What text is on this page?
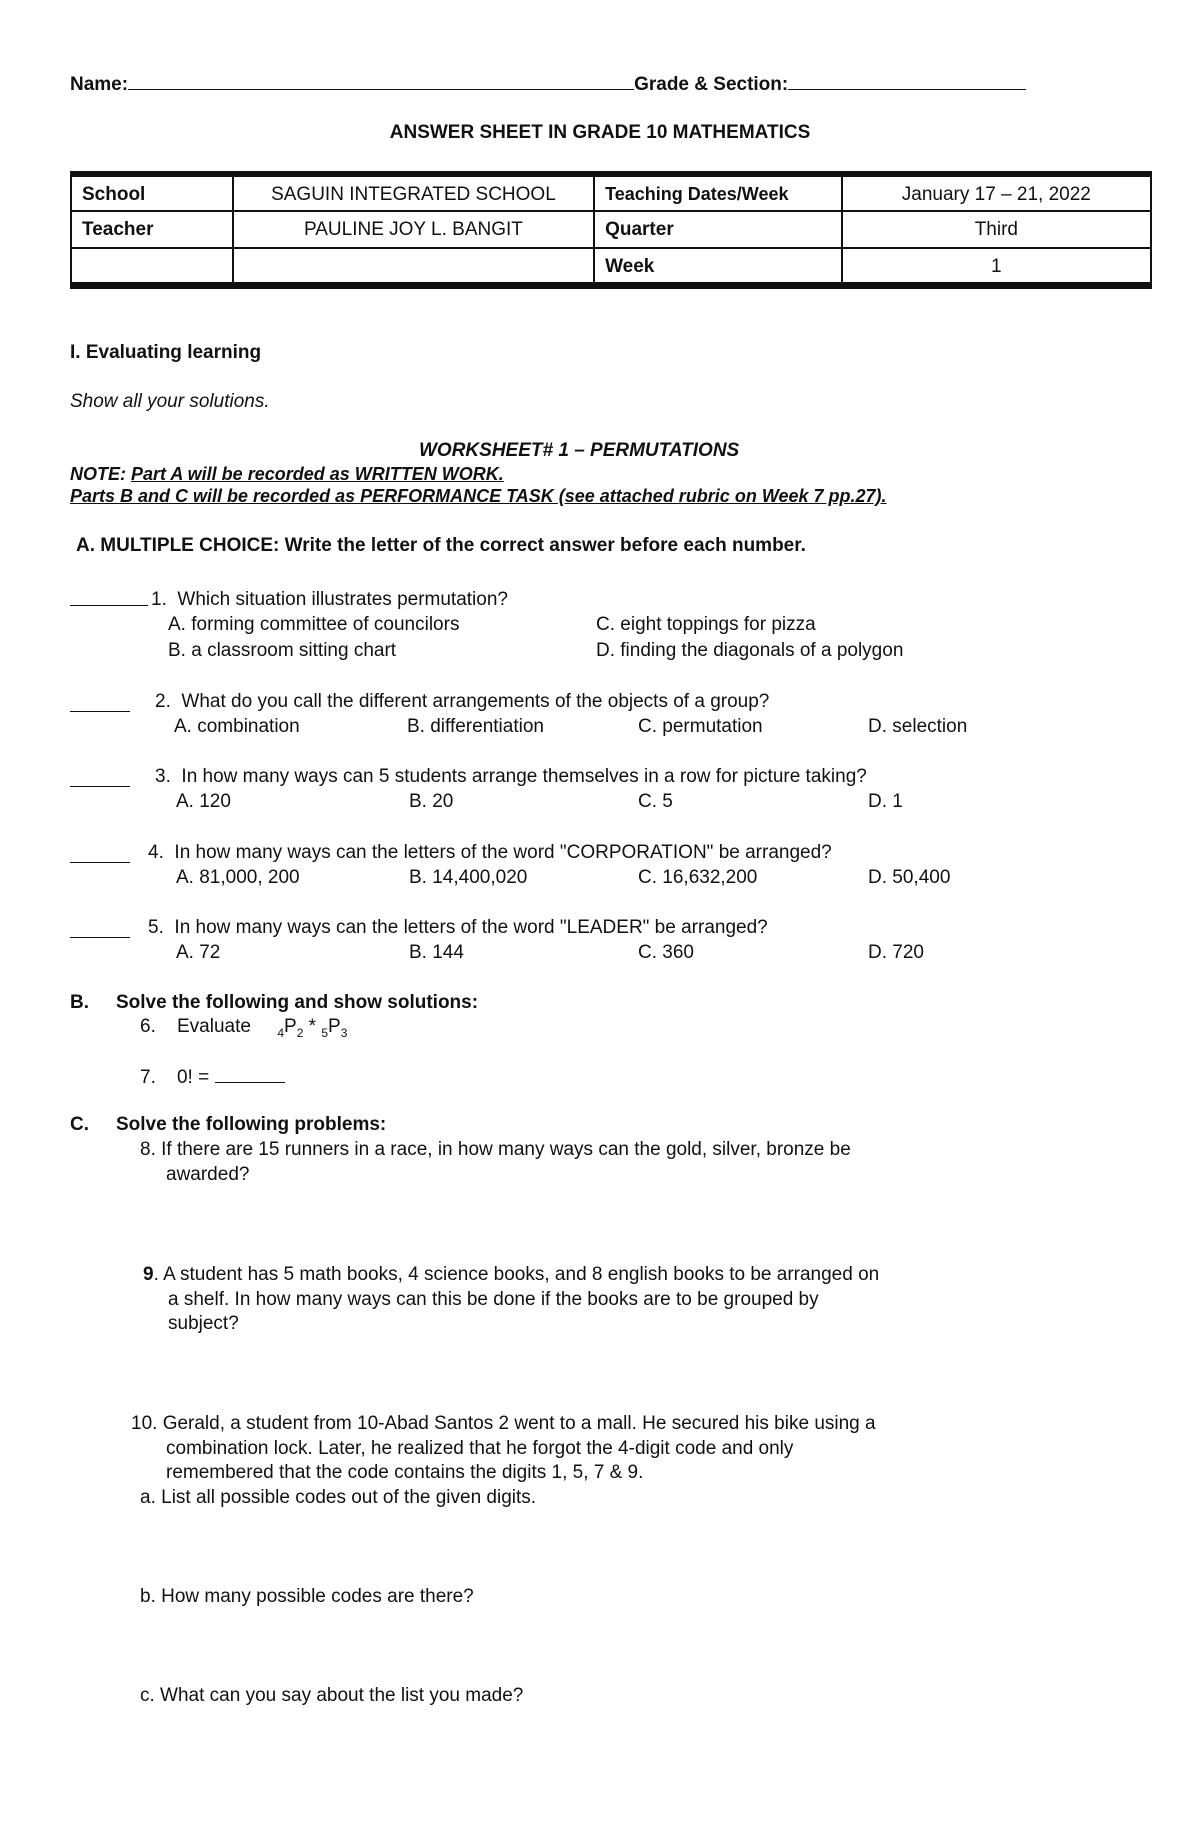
Name:	Grade & Section:
ANSWER SHEET IN GRADE 10 MATHEMATICS
School	SAGUIN INTEGRATED SCHOOL	Teaching Dates/Week	January 17 – 21, 2022
Teacher	PAULINE JOY L. BANGIT	Quarter	Third
		Week	1
I. Evaluating learning
Show all your solutions.
WORKSHEET# 1 – PERMUTATIONS
NOTE: Part A will be recorded as WRITTEN WORK.
Parts B and C will be recorded as PERFORMANCE TASK (see attached rubric on Week 7 pp.27).
A. MULTIPLE CHOICE: Write the letter of the correct answer before each number.
1. Which situation illustrates permutation?
A. forming committee of councilors	C. eight toppings for pizza
B. a classroom sitting chart	D. finding the diagonals of a polygon
2. What do you call the different arrangements of the objects of a group?
A. combination	B. differentiation	C. permutation	D. selection
3. In how many ways can 5 students arrange themselves in a row for picture taking?
A. 120	B. 20	C. 5	D. 1
4. In how many ways can the letters of the word "CORPORATION" be arranged?
A. 81,000, 200	B. 14,400,020	C. 16,632,200	D. 50,400
5. In how many ways can the letters of the word "LEADER" be arranged?
A. 72	B. 144	C. 360	D. 720
B. Solve the following and show solutions:
6. Evaluate $_4P_2 * _5P_3$
7. 0! =
C. Solve the following problems:
8. If there are 15 runners in a race, in how many ways can the gold, silver, bronze be
awarded?
9. A student has 5 math books, 4 science books, and 8 english books to be arranged on
a shelf. In how many ways can this be done if the books are to be grouped by
subject?
10. Gerald, a student from 10-Abad Santos 2 went to a mall. He secured his bike using a
combination lock. Later, he realized that he forgot the 4-digit code and only
remembered that the code contains the digits 1, 5, 7 & 9.
a. List all possible codes out of the given digits.
b. How many possible codes are there?
c. What can you say about the list you made?
